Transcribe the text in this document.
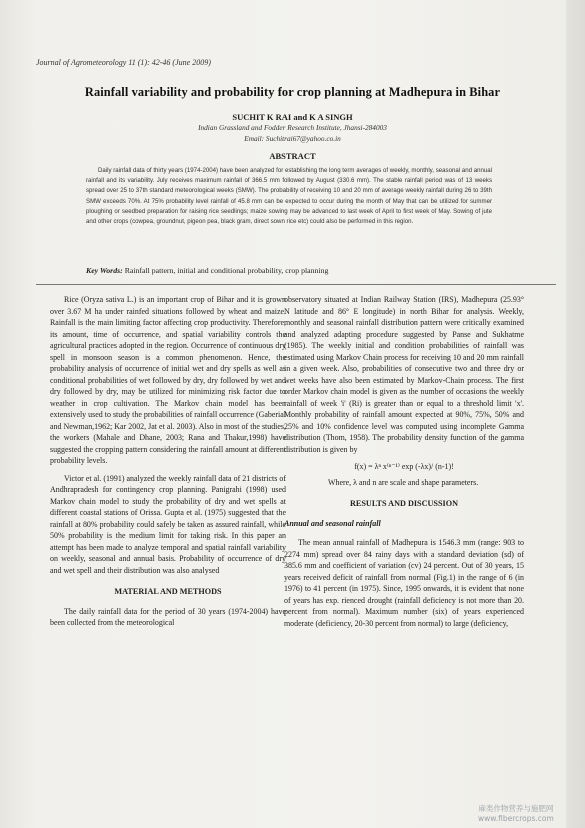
Journal of Agrometeorology 11 (1): 42-46 (June 2009)
Rainfall variability and probability for crop planning at Madhepura in Bihar
SUCHIT K RAI and K A SINGH
Indian Grassland and Fodder Research Institute, Jhansi-284003
Email: Suchitrai67@yahoo.co.in
ABSTRACT
Daily rainfall data of thirty years (1974-2004) have been analyzed for establishing the long term averages of weekly, monthly, seasonal and annual rainfall and its variability. July receives maximum rainfall of 366.5 mm followed by August (330.6 mm). The stable rainfall period was of 13 weeks spread over 25 to 37th standard meteorological weeks (SMW). The probability of receiving 10 and 20 mm of average weekly rainfall during 26 to 39th SMW exceeds 70%. At 75% probability level rainfall of 45.8 mm can be expected to occur during the month of May that can be utilized for summer ploughing or seedbed preparation for raising rice seedlings; maize sowing may be advanced to last week of April to first week of May. Sowing of jute and other crops (cowpea, groundnut, pigeon pea, black gram, direct sown rice etc) could also be performed in this region.
Key Words: Rainfall pattern, initial and conditional probability, crop planning

Rice (Oryza sativa L.) is an important crop of Bihar and it is grown over 3.67 M ha under rainfed situations followed by wheat and maize. Rainfall is the main limiting factor affecting crop productivity. Therefore, its amount, time of occurrence, and spatial variability controls the agricultural practices adopted in the region. Occurrence of continuous dry spell in monsoon season is a common phenomenon. Hence, the probability analysis of occurrence of initial wet and dry spells as well as conditional probabilities of wet followed by dry, dry followed by wet and dry followed by dry, may be utilized for minimizing risk factor due to weather in crop cultivation. The Markov chain model has been extensively used to study the probabilities of rainfall occurrence (Gaberial and Newman,1962; Kar 2002, Jat et al. 2003). Also in most of the studies, the workers (Mahale and Dhane, 2003; Rana and Thakur,1998) have suggested the cropping pattern considering the rainfall amount at different probability levels.

Victor et al. (1991) analyzed the weekly rainfall data of 21 districts of Andhrapradesh for contingency crop planning. Panigrahi (1998) used Markov chain model to study the probability of dry and wet spells at different coastal stations of Orissa. Gupta et al. (1975) suggested that the rainfall at 80% probability could safely be taken as assured rainfall, while 50% probability is the medium limit for taking risk. In this paper an attempt has been made to analyze temporal and spatial rainfall variability on weekly, seasonal and annual basis. Probability of occurrence of dry and wet spell and their distribution was also analysed

MATERIAL AND METHODS

The daily rainfall data for the period of 30 years (1974-2004) have been collected from the meteorological

observatory situated at Indian Railway Station (IRS), Madhepura (25.93° N latitude and 86° E longitude) in north Bihar for analysis. Weekly, monthly and seasonal rainfall distribution pattern were critically examined and analyzed adapting procedure suggested by Panse and Sukhatme (1985). The weekly initial and condition probabilities of rainfall was estimated using Markov Chain process for receiving 10 and 20 mm rainfall in a given week. Also, probabilities of consecutive two and three dry or wet weeks have also been estimated by Markov-Chain process. The first order Markov chain model is given as the number of occasions the weekly rainfall of week 'i' (Ri) is greater than or equal to a threshold limit 'x'. Monthly probability of rainfall amount expected at 90%, 75%, 50% and 25% and 10% confidence level was computed using incomplete Gamma distribution (Thom, 1958). The probability density function of the gamma distribution is given by

f(x) = λⁿ x⁽ⁿ⁻¹⁾ exp (-λx)/ (n-1)!

Where, λ and n are scale and shape parameters.

RESULTS AND DISCUSSION
Annual and seasonal rainfall

The mean annual rainfall of Madhepura is 1546.3 mm (range: 903 to 2274 mm) spread over 84 rainy days with a standard deviation (sd) of 385.6 mm and coefficient of variation (cv) 24 percent. Out of 30 years, 15 years received deficit of rainfall from normal (Fig.1) in the range of 6 (in 1976) to 41 percent (in 1975). Since, 1995 onwards, it is evident that none of years has exp. rienced drought (rainfall deficiency is not more than 20. percent from normal). Maximum number (six) of years experienced moderate (deficiency, 20-30 percent from normal) to large (deficiency,

麻类作物营养与施肥网
www.fibercrops.com
